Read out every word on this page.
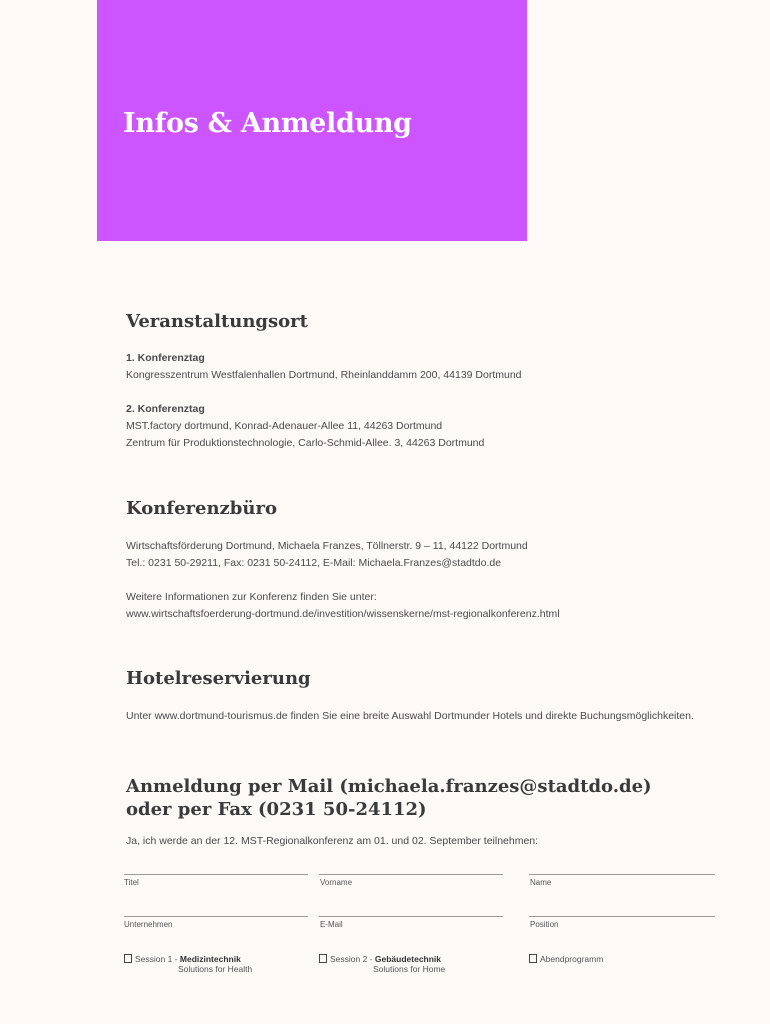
Infos & Anmeldung
Veranstaltungsort
1. Konferenztag
Kongresszentrum Westfalenhallen Dortmund, Rheinlanddamm 200, 44139 Dortmund
2. Konferenztag
MST.factory dortmund, Konrad-Adenauer-Allee 11, 44263 Dortmund
Zentrum für Produktionstechnologie, Carlo-Schmid-Allee. 3, 44263 Dortmund
Konferenzbüro
Wirtschaftsförderung Dortmund, Michaela Franzes, Töllnerstr. 9 – 11, 44122 Dortmund
Tel.: 0231 50-29211, Fax: 0231 50-24112, E-Mail: Michaela.Franzes@stadtdo.de
Weitere Informationen zur Konferenz finden Sie unter:
www.wirtschaftsfoerderung-dortmund.de/investition/wissenskerne/mst-regionalkonferenz.html
Hotelreservierung
Unter www.dortmund-tourismus.de finden Sie eine breite Auswahl Dortmunder Hotels und direkte Buchungsmöglichkeiten.
Anmeldung per Mail (michaela.franzes@stadtdo.de)
oder per Fax (0231 50-24112)
Ja, ich werde an der 12. MST-Regionalkonferenz am 01. und 02. September teilnehmen:
Titel	Vorname	Name
Unternehmen	E-Mail	Position
Session 1 - Medizintechnik
Solutions for Health
Session 2 - Gebäudetechnik
Solutions for Home
Abendprogramm
